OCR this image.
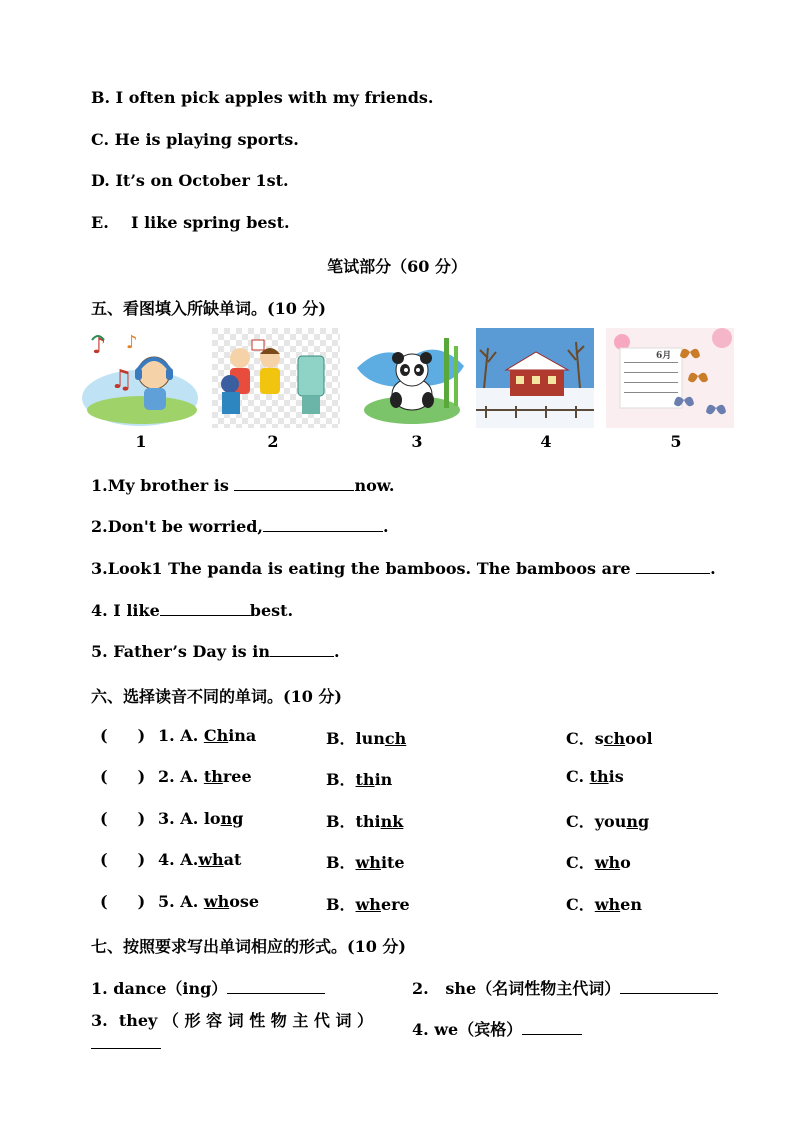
B. I often pick apples with my friends.
C. He is playing sports.
D. It’s on October 1st.
E.    I like spring best.
笔试部分（60 分）
五、看图填入所缺单词。(10 分)
♪
♫
♪
6月
1	2	3	4	5
1.My brother is	now.
2.Don't be worried,	.
3.Look1 The panda is eating the bamboos. The bamboos are	.
4. I like	best.
5. Father’s Day is in	.
六、选择读音不同的单词。(10 分)
( ) 1. A. China	B．lunch	C．school
( ) 2. A. three	B．thin	C. this
( ) 3. A. long	B．think	C．young
( ) 4. A.what	B．white	C．who
( ) 5. A. whose	B．where	C．when
七、按照要求写出单词相应的形式。(10 分)
1. dance（ing）	2.   she（名词性物主代词）
3.  they （ 形 容 词 性 物 主 代 词 ） 4. we（宾格）
